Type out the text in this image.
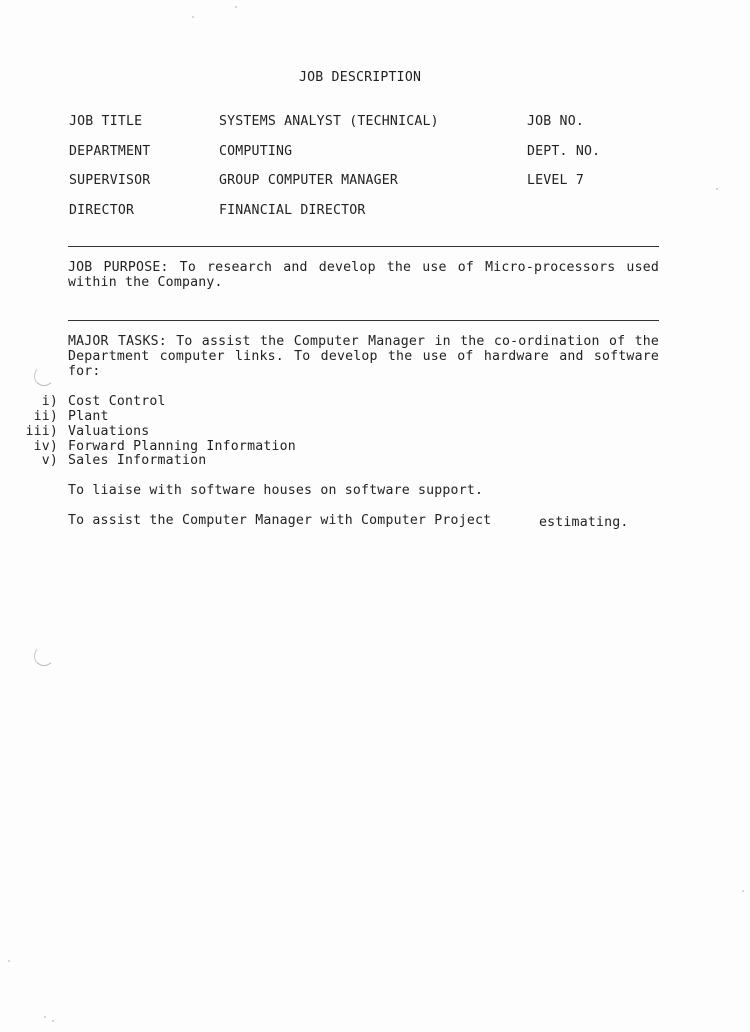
JOB DESCRIPTION
JOB TITLE	SYSTEMS ANALYST (TECHNICAL)	JOB NO.
DEPARTMENT	COMPUTING	DEPT. NO.
SUPERVISOR	GROUP COMPUTER MANAGER	LEVEL 7
DIRECTOR	FINANCIAL DIRECTOR
JOB PURPOSE: To research and develop the use of Micro-processors used within the Company.
MAJOR TASKS: To assist the Computer Manager in the co-ordination of the Department computer links. To develop the use of hardware and software for:
i) Cost Control
ii) Plant
iii) Valuations
iv) Forward Planning Information
v) Sales Information
To liaise with software houses on software support.
To assist the Computer Manager with Computer Project	estimating.
